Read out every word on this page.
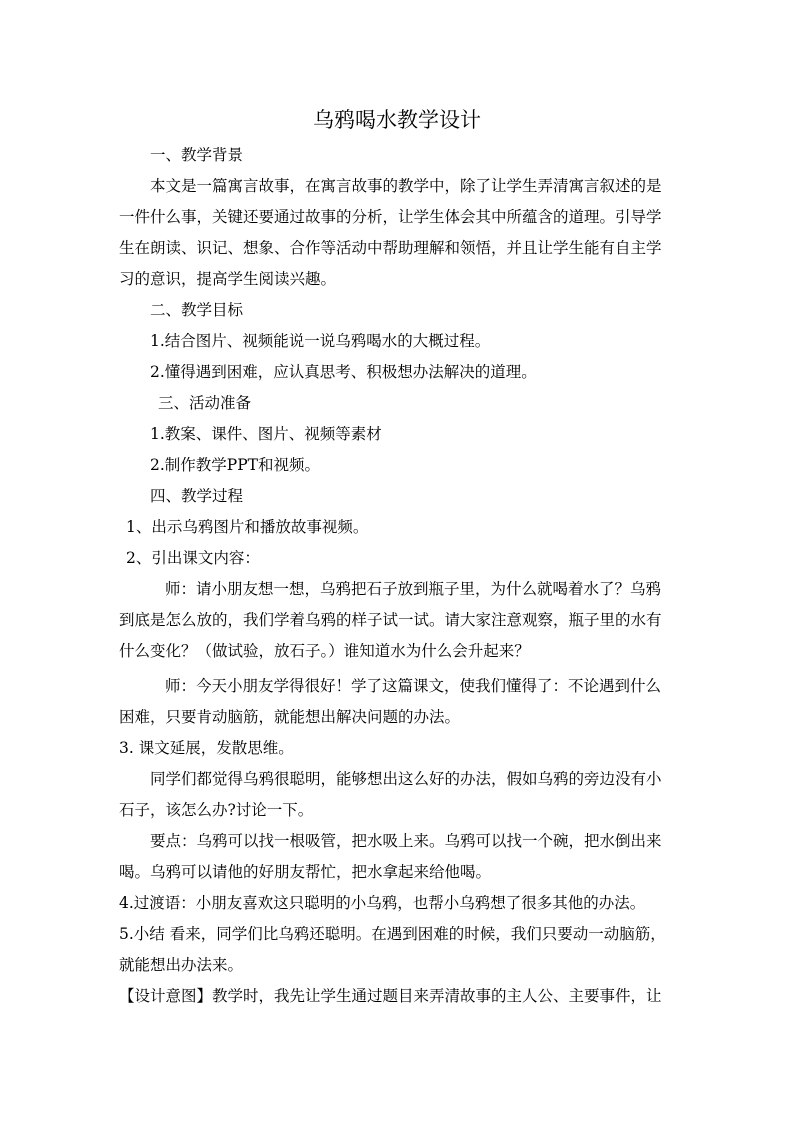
乌鸦喝水教学设计
一、教学背景
本文是一篇寓言故事，在寓言故事的教学中，除了让学生弄清寓言叙述的是
一件什么事，关键还要通过故事的分析，让学生体会其中所蕴含的道理。引导学
生在朗读、识记、想象、合作等活动中帮助理解和领悟，并且让学生能有自主学
习的意识，提高学生阅读兴趣。
二、教学目标
1.结合图片、视频能说一说乌鸦喝水的大概过程。
2.懂得遇到困难，应认真思考、积极想办法解决的道理。
三、活动准备
1.教案、课件、图片、视频等素材
2.制作教学PPT和视频。
四、教学过程
1、出示乌鸦图片和播放故事视频。
2、引出课文内容：
师：请小朋友想一想，乌鸦把石子放到瓶子里，为什么就喝着水了？乌鸦
到底是怎么放的，我们学着乌鸦的样子试一试。请大家注意观察，瓶子里的水有
什么变化？（做试验，放石子。）谁知道水为什么会升起来？
师：今天小朋友学得很好！学了这篇课文，使我们懂得了：不论遇到什么
困难，只要肯动脑筋，就能想出解决问题的办法。
3. 课文延展，发散思维。
同学们都觉得乌鸦很聪明，能够想出这么好的办法，假如乌鸦的旁边没有小
石子，该怎么办?讨论一下。
要点：乌鸦可以找一根吸管，把水吸上来。乌鸦可以找一个碗，把水倒出来
喝。乌鸦可以请他的好朋友帮忙，把水拿起来给他喝。
4.过渡语：小朋友喜欢这只聪明的小乌鸦，也帮小乌鸦想了很多其他的办法。
5.小结 看来，同学们比乌鸦还聪明。在遇到困难的时候，我们只要动一动脑筋，
就能想出办法来。
【设计意图】教学时，我先让学生通过题目来弄清故事的主人公、主要事件，让
